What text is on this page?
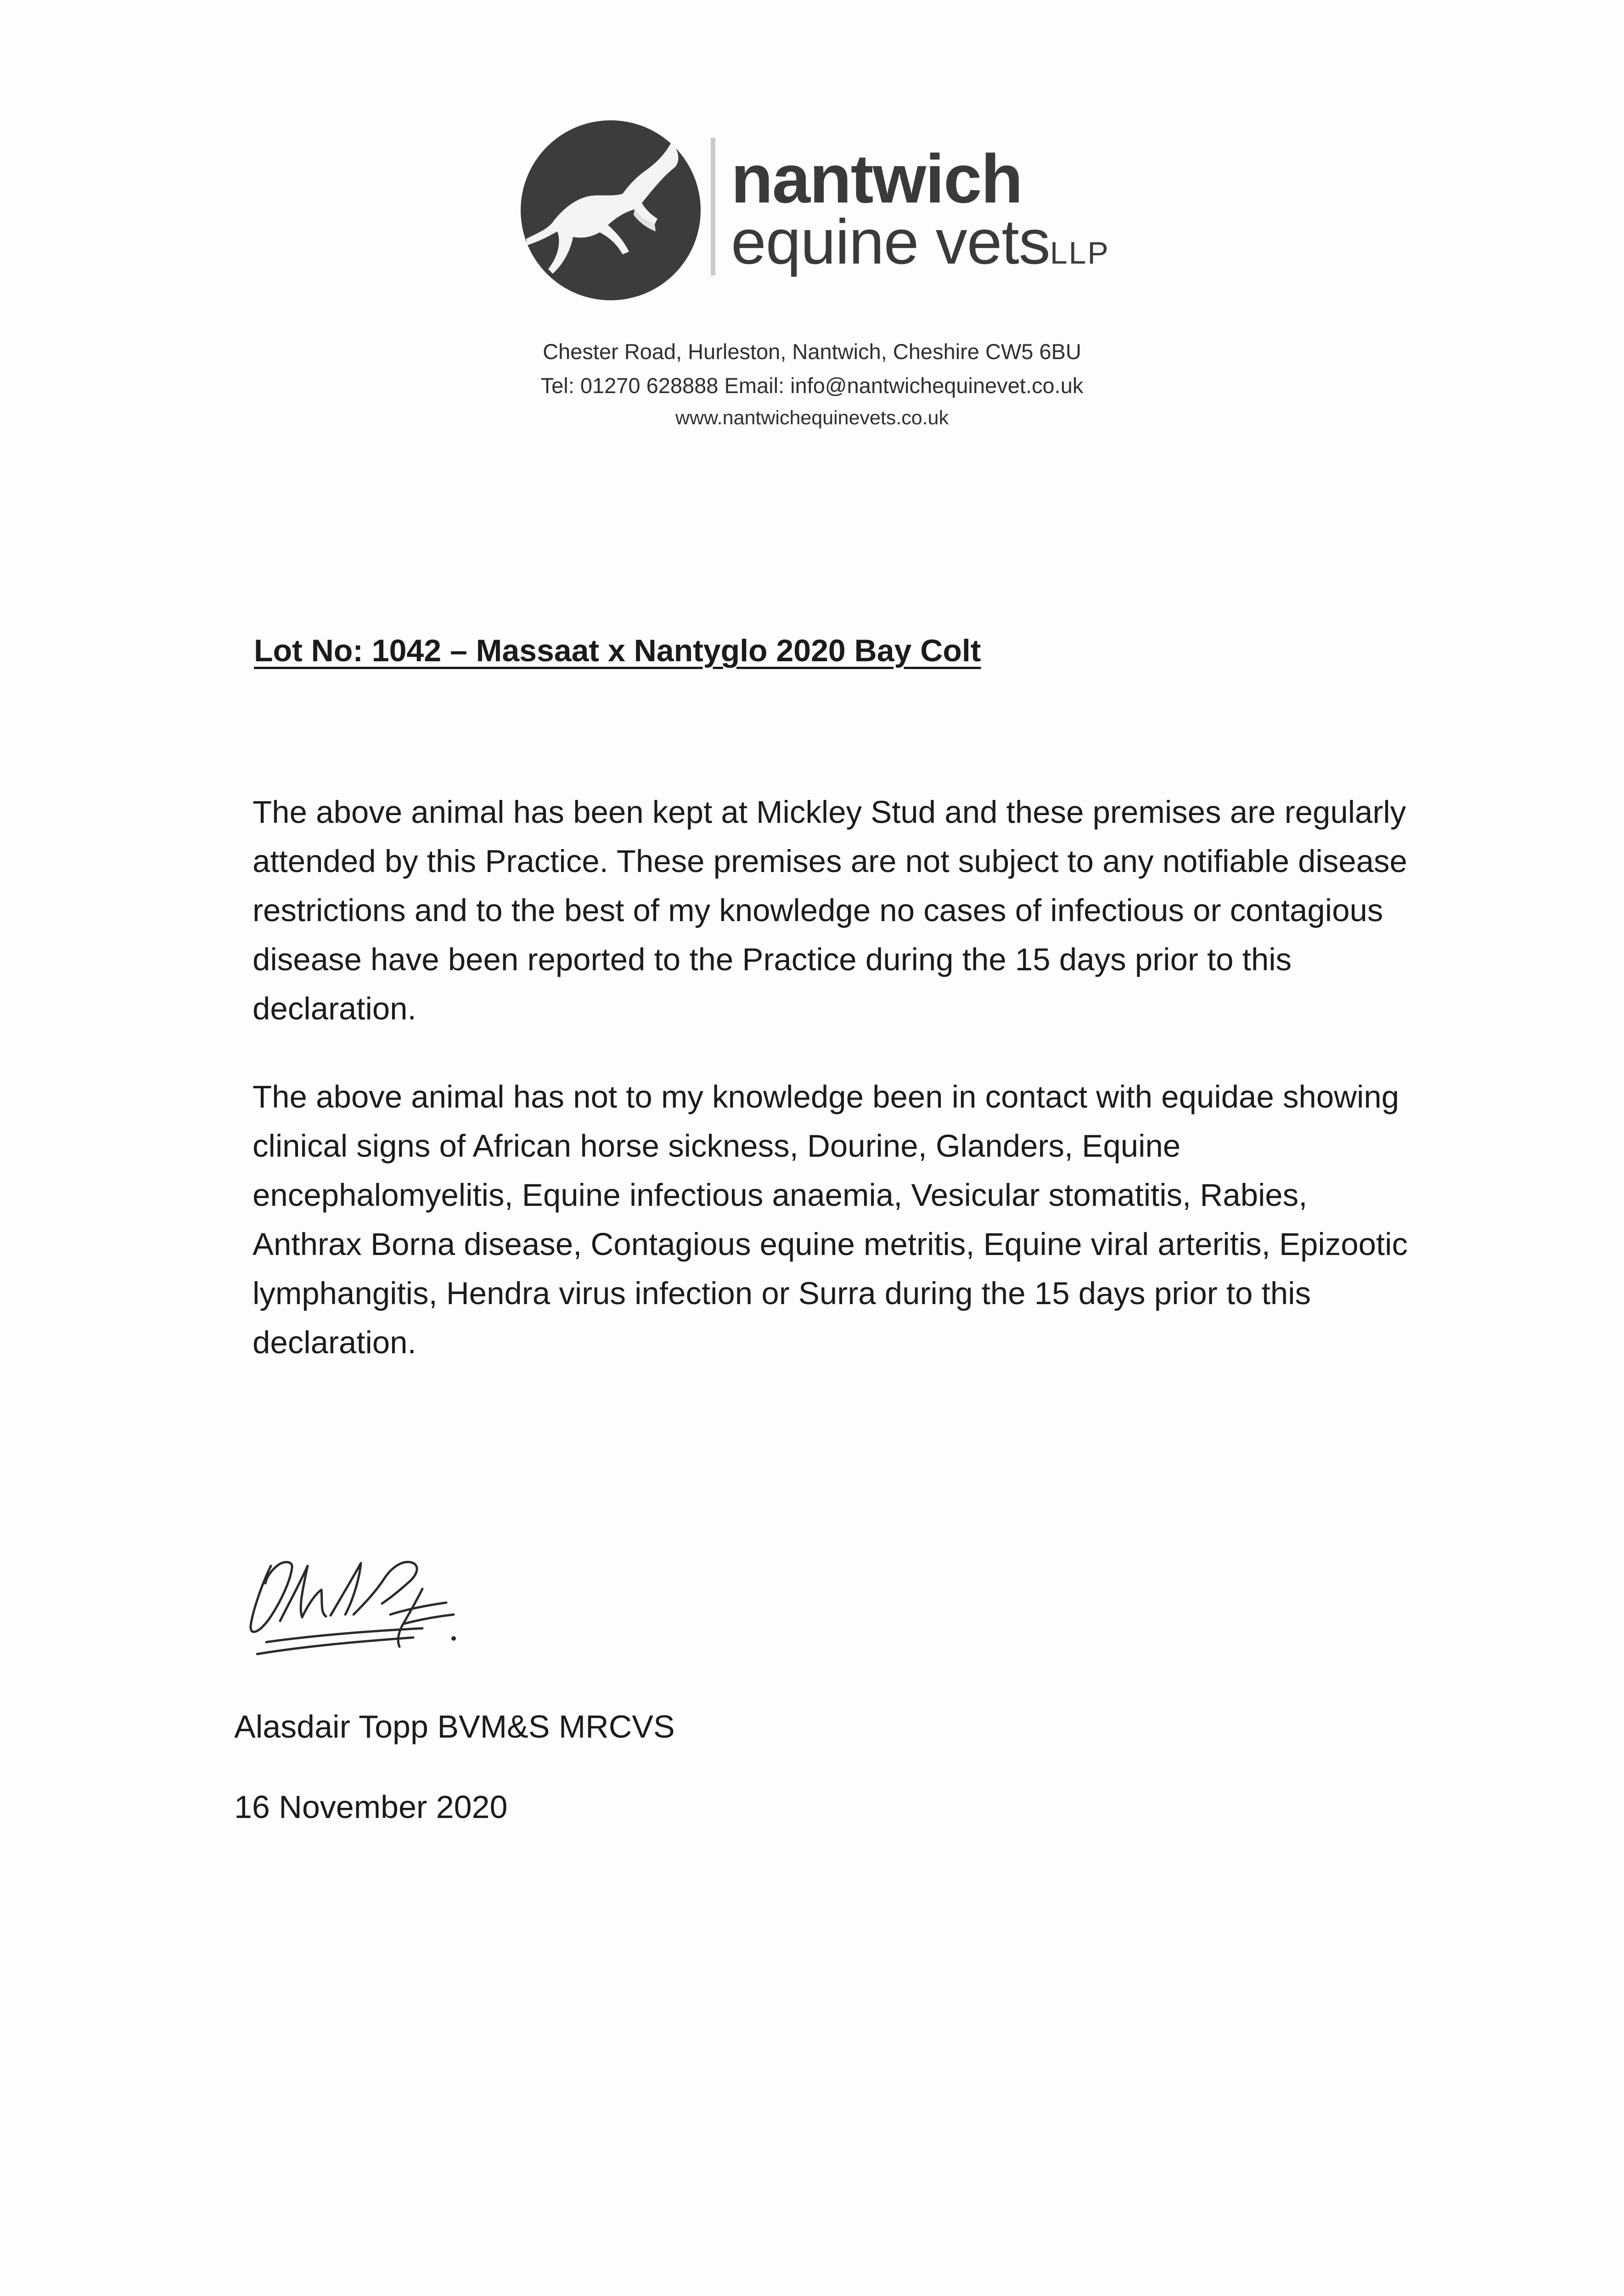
nantwich
equine vetsLLP
Chester Road, Hurleston, Nantwich, Cheshire CW5 6BU
Tel: 01270 628888 Email: info@nantwichequinevet.co.uk
www.nantwichequinevets.co.uk
Lot No: 1042 – Massaat x Nantyglo 2020 Bay Colt
The above animal has been kept at Mickley Stud and these premises are regularly attended by this Practice. These premises are not subject to any notifiable disease restrictions and to the best of my knowledge no cases of infectious or contagious disease have been reported to the Practice during the 15 days prior to this declaration.
The above animal has not to my knowledge been in contact with equidae showing clinical signs of African horse sickness, Dourine, Glanders, Equine encephalomyelitis, Equine infectious anaemia, Vesicular stomatitis, Rabies, Anthrax Borna disease, Contagious equine metritis, Equine viral arteritis, Epizootic lymphangitis, Hendra virus infection or Surra during the 15 days prior to this declaration.
Alasdair Topp BVM&S MRCVS
16 November 2020
